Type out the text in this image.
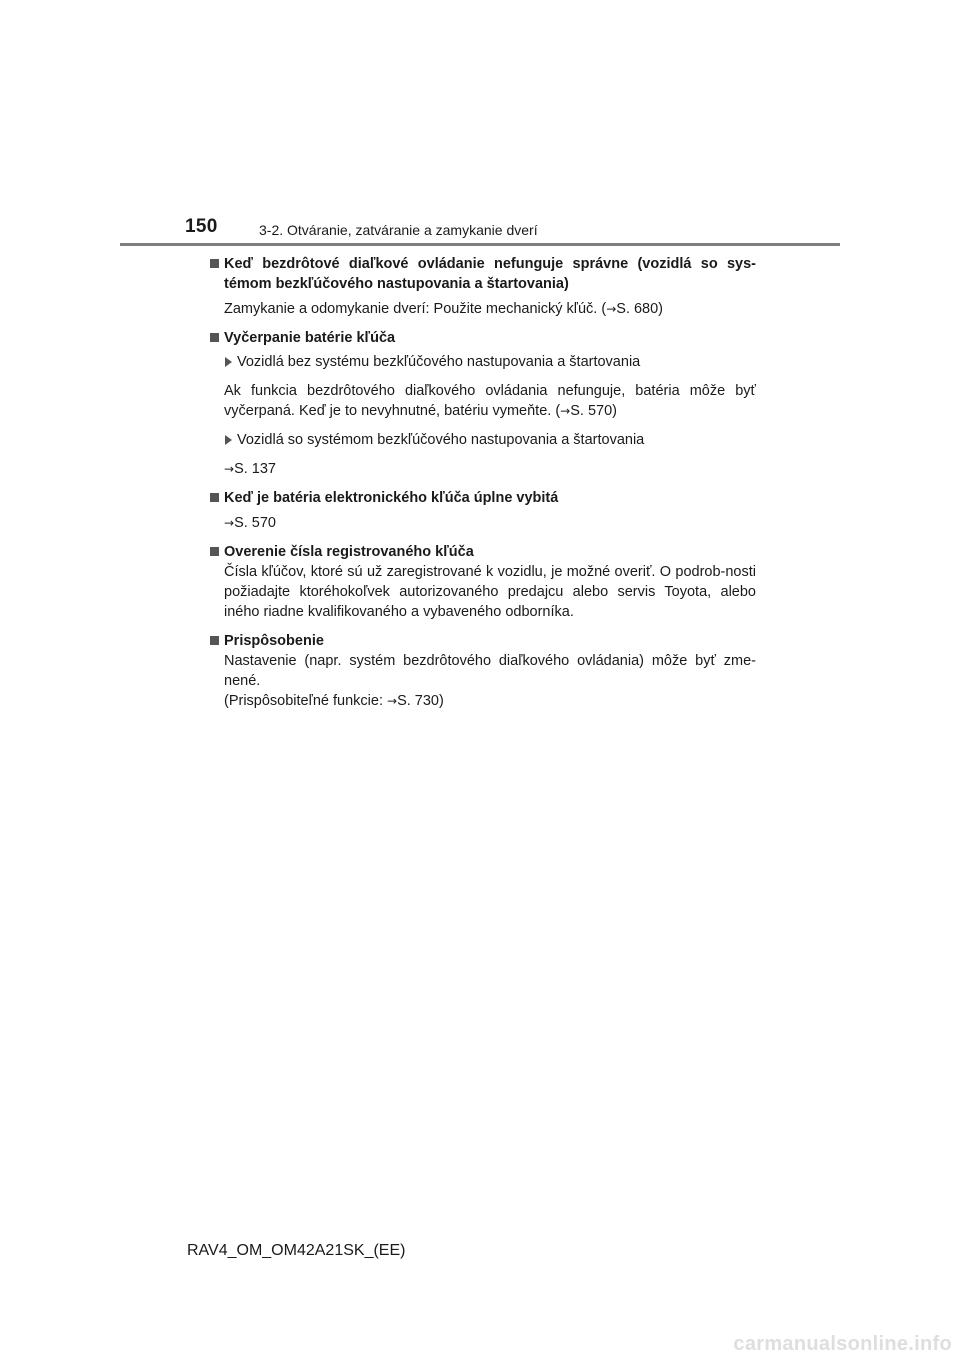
150	3-2. Otváranie, zatváranie a zamykanie dverí
Keď bezdrôtové diaľkové ovládanie nefunguje správne (vozidlá so sys-témom bezkľúčového nastupovania a štartovania)
Zamykanie a odomykanie dverí: Použite mechanický kľúč. (→S. 680)
Vyčerpanie batérie kľúča
Vozidlá bez systému bezkľúčového nastupovania a štartovania
Ak funkcia bezdrôtového diaľkového ovládania nefunguje, batéria môže byť vyčerpaná. Keď je to nevyhnutné, batériu vymeňte. (→S. 570)
Vozidlá so systémom bezkľúčového nastupovania a štartovania
→S. 137
Keď je batéria elektronického kľúča úplne vybitá
→S. 570
Overenie čísla registrovaného kľúča
Čísla kľúčov, ktoré sú už zaregistrované k vozidlu, je možné overiť. O podrob-nosti požiadajte ktoréhokoľvek autorizovaného predajcu alebo servis Toyota, alebo iného riadne kvalifikovaného a vybaveného odborníka.
Prispôsobenie
Nastavenie (napr. systém bezdrôtového diaľkového ovládania) môže byť zme-nené.
(Prispôsobiteľné funkcie: →S. 730)
RAV4_OM_OM42A21SK_(EE)
carmanualsonline.info
